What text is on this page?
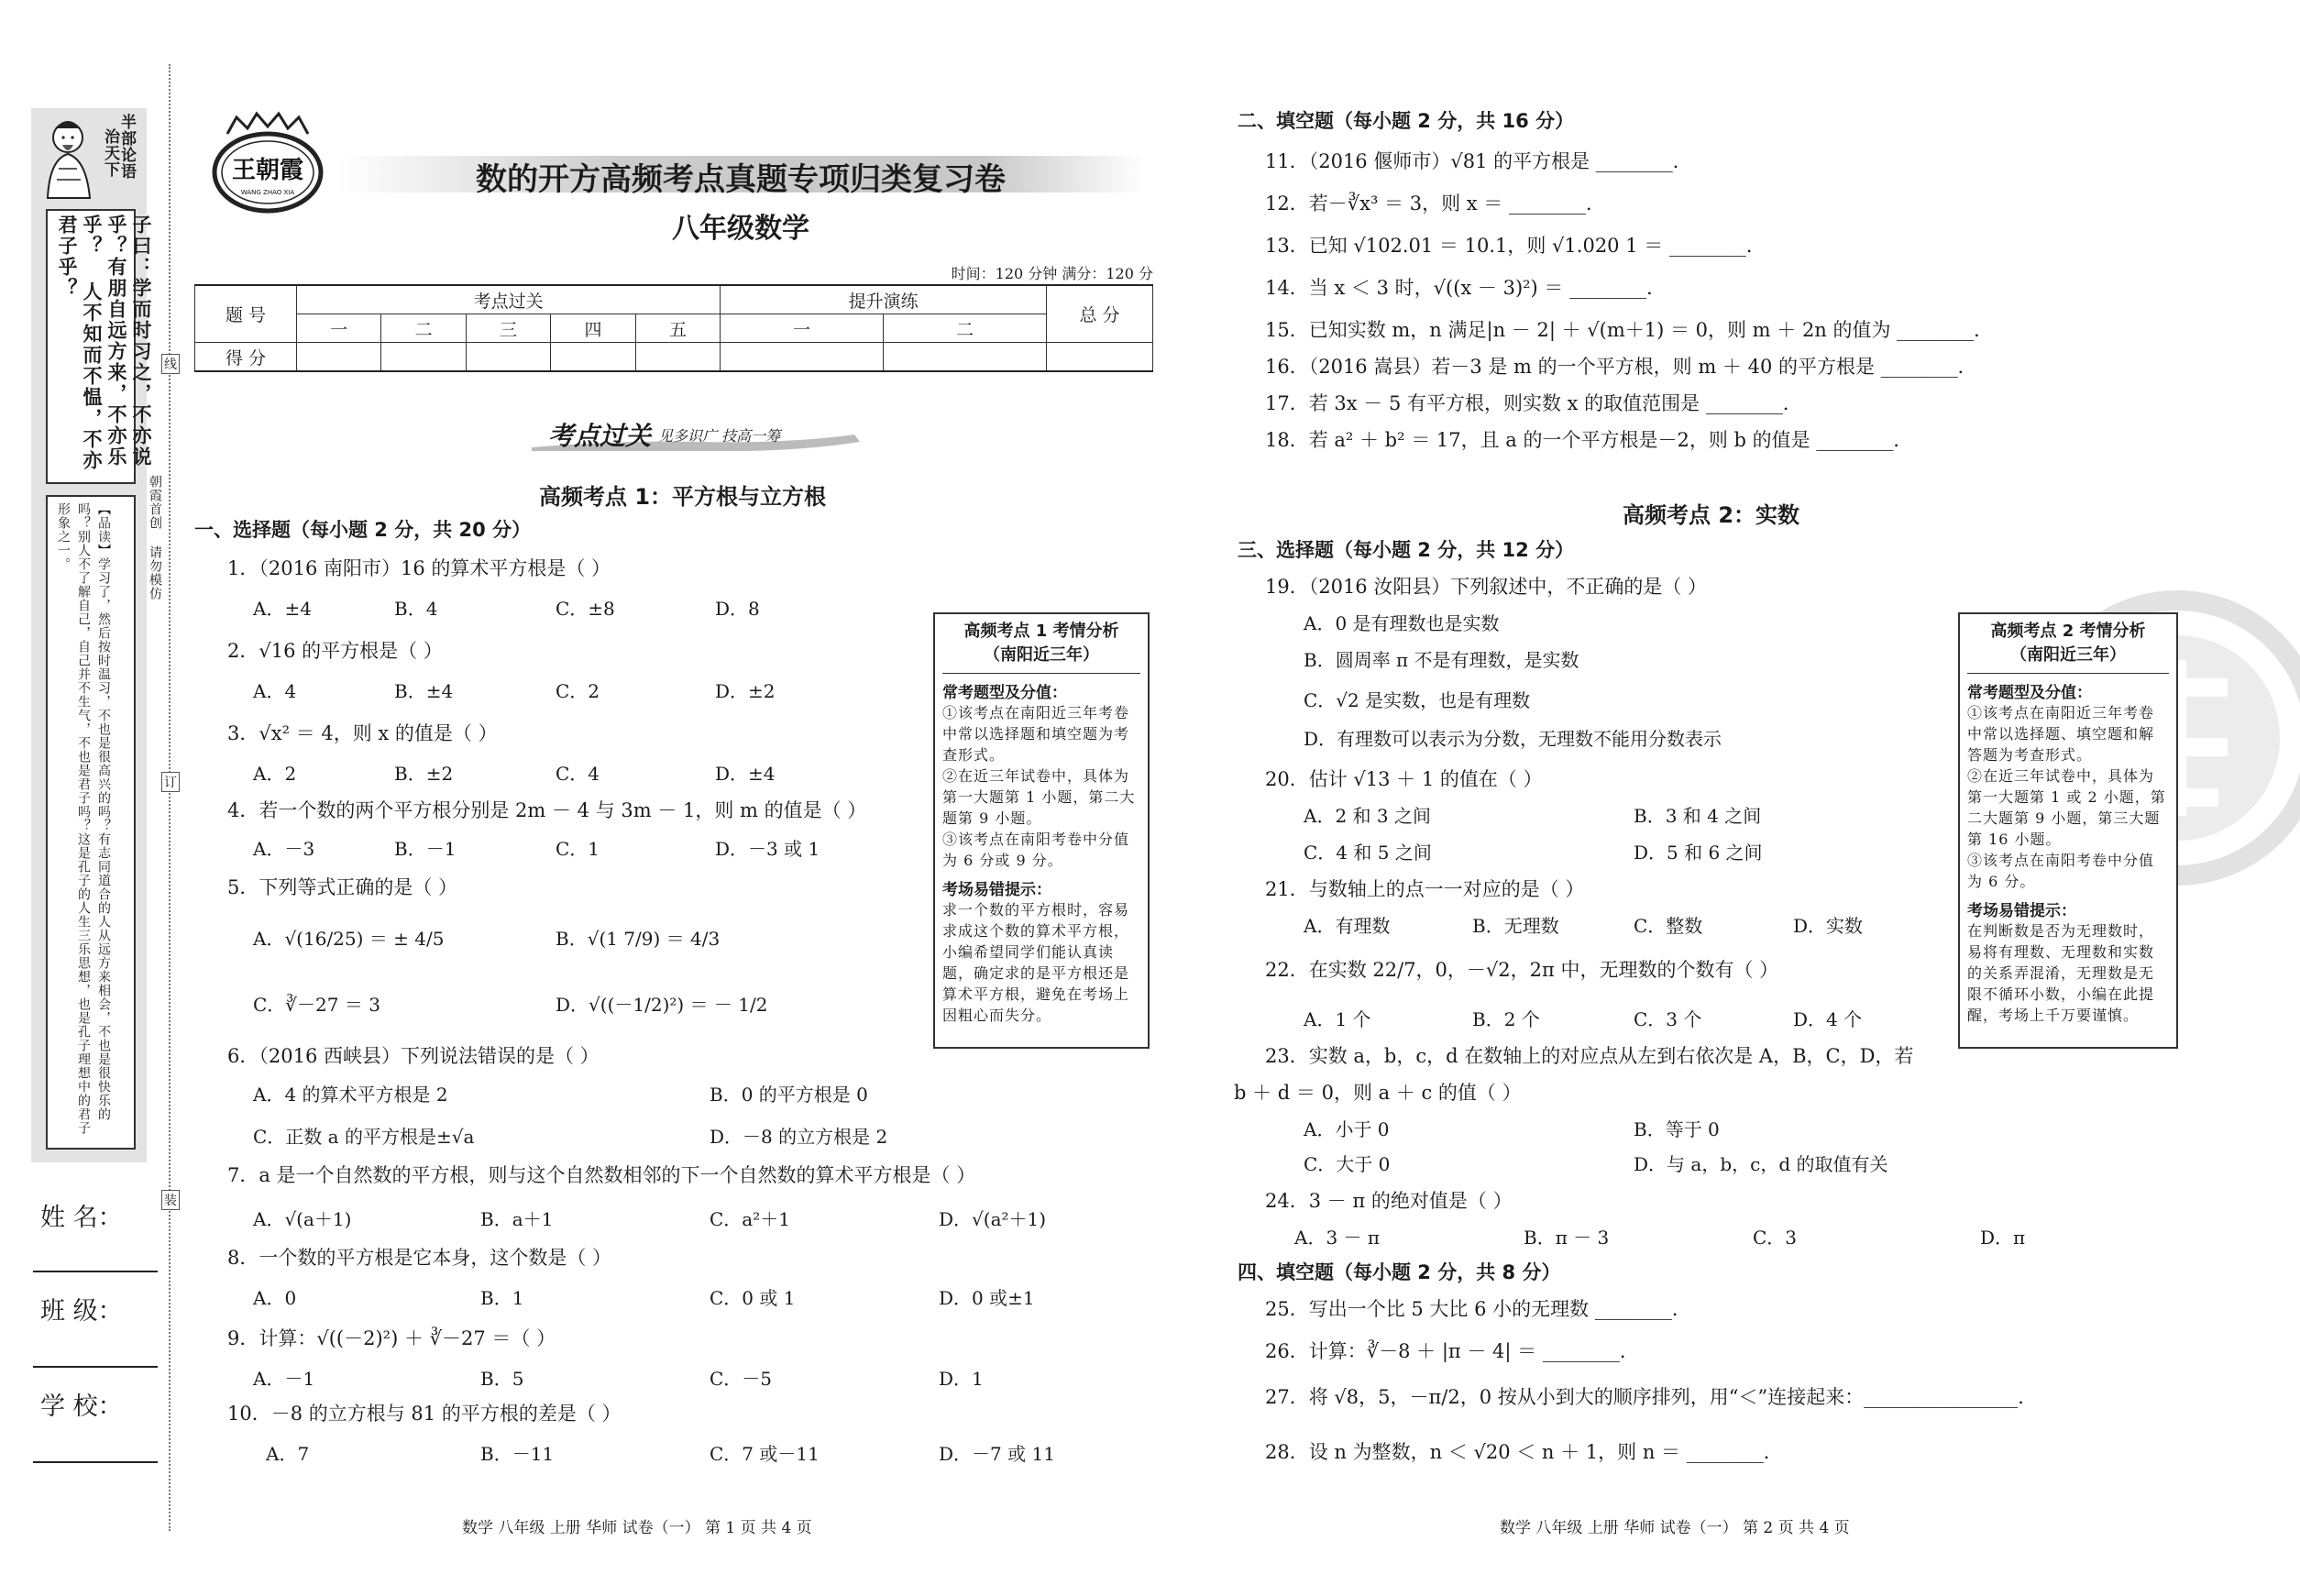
半部论语
治天下
子曰：学而时习之，不亦说 乎？有朋自远方来，不亦乐乎？ 人不知而不愠，不亦君子乎？
【品读】学习了，然后按时温习，不也是很高兴的吗？有志同道合的人从远方来相会，不也是很快乐的吗？别人不了解自己，自己并不生气，不也是君子吗？这是孔子的人生三乐思想，也是孔子理想中的君子形象之一。
姓 名：
班 级：
学 校：
线
订
装
朝霞首创 请勿模仿
王朝霞
WANG ZHAO XIA	数的开方高频考点真题专项归类复习卷
八年级数学
时间：120 分钟 满分：120 分
题 号	考点过关					提升演练		总 分
	一	二	三	四	五	一	二	
得 分								
考点过关 见多识广 技高一筹
高频考点 1：平方根与立方根
一、选择题（每小题 2 分，共 20 分）
1．（2016 南阳市）16 的算术平方根是（ ）
A．±4	B．4	C．±8	D．8
2．√16 的平方根是（ ）
A．4	B．±4	C．2	D．±2
3．√x² ＝ 4，则 x 的值是（ ）
A．2	B．±2	C．4	D．±4
4．若一个数的两个平方根分别是 2m － 4 与 3m － 1，则 m 的值是（ ）
A．－3	B．－1	C．1	D．－3 或 1
5．下列等式正确的是（ ）
A．√(16/25) ＝ ± 4/5	B．√(1 7/9) ＝ 4/3
C．∛－27 ＝ 3	D．√((－1/2)²) ＝ － 1/2
6．（2016 西峡县）下列说法错误的是（ ）
A．4 的算术平方根是 2	B．0 的平方根是 0
C．正数 a 的平方根是±√a	D．－8 的立方根是 2
7．a 是一个自然数的平方根，则与这个自然数相邻的下一个自然数的算术平方根是（ ）
A．√(a＋1)	B．a＋1	C．a²＋1	D．√(a²＋1)
8．一个数的平方根是它本身，这个数是（ ）
A．0	B．1	C．0 或 1	D．0 或±1
9．计算：√((－2)²) ＋ ∛－27 ＝（ ）
A．－1	B．5	C．－5	D．1
10．－8 的立方根与 81 的平方根的差是（ ）
A．7	B．－11	C．7 或－11	D．－7 或 11
高频考点 1 考情分析
（南阳近三年）
常考题型及分值：
①该考点在南阳近三年考卷中常以选择题和填空题为考查形式。
②在近三年试卷中，具体为第一大题第 1 小题，第二大题第 9 小题。
③该考点在南阳考卷中分值为 6 分或 9 分。
考场易错提示：
求一个数的平方根时，容易求成这个数的算术平方根，小编希望同学们能认真读题，确定求的是平方根还是算术平方根，避免在考场上因粗心而失分。
数学 八年级 上册 华师 试卷（一） 第 1 页 共 4 页
二、填空题（每小题 2 分，共 16 分）
11．（2016 偃师市）√81 的平方根是 ________．
12．若－∛x³ ＝ 3，则 x ＝ ________．
13．已知 √102.01 ＝ 10.1，则 √1.020 1 ＝ ________．
14．当 x ＜ 3 时，√((x － 3)²) ＝ ________．
15．已知实数 m，n 满足|n － 2| ＋ √(m＋1) ＝ 0，则 m ＋ 2n 的值为 ________．
16．（2016 嵩县）若－3 是 m 的一个平方根，则 m ＋ 40 的平方根是 ________．
17．若 3x － 5 有平方根，则实数 x 的取值范围是 ________．
18．若 a² ＋ b² ＝ 17，且 a 的一个平方根是－2，则 b 的值是 ________．
高频考点 2：实数
三、选择题（每小题 2 分，共 12 分）
19．（2016 汝阳县）下列叙述中，不正确的是（ ）
A．0 是有理数也是实数
B．圆周率 π 不是有理数，是实数
C．√2 是实数，也是有理数
D．有理数可以表示为分数，无理数不能用分数表示
20．估计 √13 ＋ 1 的值在（ ）
A．2 和 3 之间	B．3 和 4 之间
C．4 和 5 之间	D．5 和 6 之间
21．与数轴上的点一一对应的是（ ）
A．有理数	B．无理数	C．整数	D．实数
22．在实数 22/7，0，－√2，2π 中，无理数的个数有（ ）
A．1 个	B．2 个	C．3 个	D．4 个
23．实数 a，b，c，d 在数轴上的对应点从左到右依次是 A，B，C，D，若
b ＋ d ＝ 0，则 a ＋ c 的值（ ）
A．小于 0	B．等于 0
C．大于 0	D．与 a，b，c，d 的取值有关
24．3 － π 的绝对值是（ ）
A．3 － π	B．π － 3	C．3	D．π
四、填空题（每小题 2 分，共 8 分）
25．写出一个比 5 大比 6 小的无理数 ________．
26．计算：∛－8 ＋ |π － 4| ＝ ________．
27．将 √8，5，－π/2，0 按从小到大的顺序排列，用“＜”连接起来：________________．
28．设 n 为整数，n ＜ √20 ＜ n ＋ 1，则 n ＝ ________．
高频考点 2 考情分析
（南阳近三年）
常考题型及分值：
①该考点在南阳近三年考卷中常以选择题、填空题和解答题为考查形式。
②在近三年试卷中，具体为第一大题第 1 或 2 小题，第二大题第 9 小题，第三大题第 16 小题。
③该考点在南阳考卷中分值为 6 分。
考场易错提示：
在判断数是否为无理数时，易将有理数、无理数和实数的关系弄混淆，无理数是无限不循环小数，小编在此提醒，考场上千万要谨慎。
数学 八年级 上册 华师 试卷（一） 第 2 页 共 4 页
